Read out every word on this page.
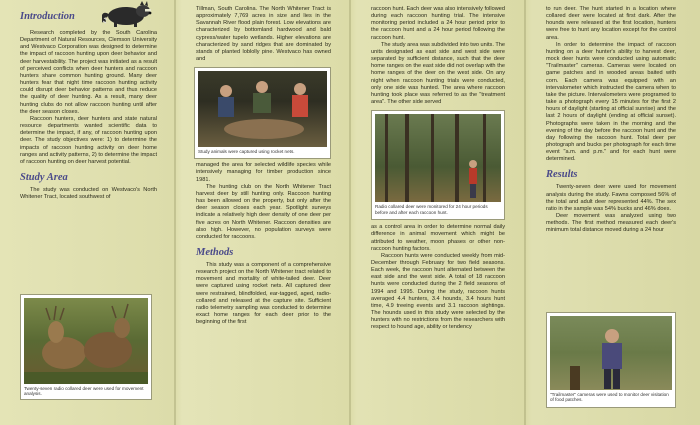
Introduction

Research completed by the South Carolina Department of Natural Resources, Clemson University and Westvaco Corporation was designed to determine the impact of raccoon hunting upon deer behavior and deer harvestability. The project was initiated as a result of perceived conflicts when deer hunters and raccoon hunters share common hunting ground. Many deer hunters fear that night time raccoon hunting activity could disrupt deer behavior patterns and thus reduce the quality of deer hunting. As a result, many deer hunting clubs do not allow raccoon hunting until after the deer season closes.

Raccoon hunters, deer hunters and state natural resource departments wanted scientific data to determine the impact, if any, of raccoon hunting upon deer. The study objectives were: 1) to determine the impacts of raccoon hunting activity on deer home ranges and activity patterns, 2) to determine the impact of raccoon hunting on deer harvest potential.

Study Area

The study was conducted on Westvaco's North Whitener Tract, located southwest of

Twenty-seven radio collared deer were used for movement analysis.

Tillman, South Carolina. The North Whitener Tract is approximately 7,769 acres in size and lies in the Savannah River flood plain forest. Low elevations are characterized by bottomland hardwood and bald cypress/water tupelo wetlands. Higher elevations are characterized by sand ridges that are dominated by stands of planted loblolly pine. Westvaco has owned and

Study animals were captured using rocket nets.

managed the area for selected wildlife species while intensively managing for timber production since 1981.

The hunting club on the North Whitener Tract harvest deer by still hunting only. Raccoon hunting has been allowed on the property, but only after the deer season closes each year. Spotlight surveys indicate a relatively high deer density of one deer per five acres on North Whitener. Raccoon densities are also high. However, no population surveys were conducted for raccoons.

Methods

This study was a component of a comprehensive research project on the North Whitener tract related to movement and mortality of white-tailed deer. Deer were captured using rocket nets. All captured deer were restrained, blindfolded, ear-tagged, aged, radio-collared and released at the capture site. Sufficient radio telemetry sampling was conducted to determine exact home ranges for each deer prior to the beginning of the first

raccoon hunt. Each deer was also intensively followed during each raccoon hunting trial. The intensive monitoring period included a 24 hour period prior to the raccoon hunt and a 24 hour period following the raccoon hunt.

The study area was subdivided into two units. The units designated as east side and west side were separated by sufficient distance, such that the deer home ranges on the east side did not overlap with the home ranges of the deer on the west side. On any night when raccoon hunting trials were conducted, only one side was hunted. The area where raccoon hunting took place was referred to as the "treatment area". The other side served

Radio collared deer were monitored for 24 hour periods before and after each raccoon hunt.

as a control area in order to determine normal daily difference in animal movement which might be attributed to weather, moon phases or other non-raccoon hunting factors.

Raccoon hunts were conducted weekly from mid-December through February for two field seasons. Each week, the raccoon hunt alternated between the east side and the west side. A total of 18 raccoon hunts were conducted during the 2 field seasons of 1994 and 1995. During the study, raccoon hunts averaged 4.4 hunters, 3.4 hounds, 3.4 hours hunt time, 4.9 treeing events and 3.1 raccoon sightings. The hounds used in this study were selected by the hunters with no restrictions from the researchers with respect to hound age, ability or tendency

to run deer. The hunt started in a location where collared deer were located at first dark. After the hounds were released at the first location, hunters were free to hunt any location except for the control area.

In order to determine the impact of raccoon hunting on a deer hunter's ability to harvest deer, mock deer hunts were conducted using automatic "Trailmaster" cameras. Cameras were located on game patches and in wooded areas baited with corn. Each camera was equipped with an intervalometer which instructed the camera when to take the picture. Intervalometers were programed to take a photograph every 15 minutes for the first 2 hours of daylight (starting at official sunrise) and the last 2 hours of daylight (ending at official sunset). Photographs were taken in the morning and the evening of the day before the raccoon hunt and the day following the raccoon hunt. Total deer per photograph and bucks per photograph for each time event "a.m. and p.m." and for each hunt were determined.

Results

Twenty-seven deer were used for movement analysis during the study. Fawns composed 56% of the total and adult deer represented 44%. The sex ratio in the sample was 54% bucks and 46% does.

Deer movement was analyzed using two methods. The first method measured each deer's minimum total distance moved during a 24 hour

"Trailmaster" cameras were used to monitor deer visitation of food patches.
